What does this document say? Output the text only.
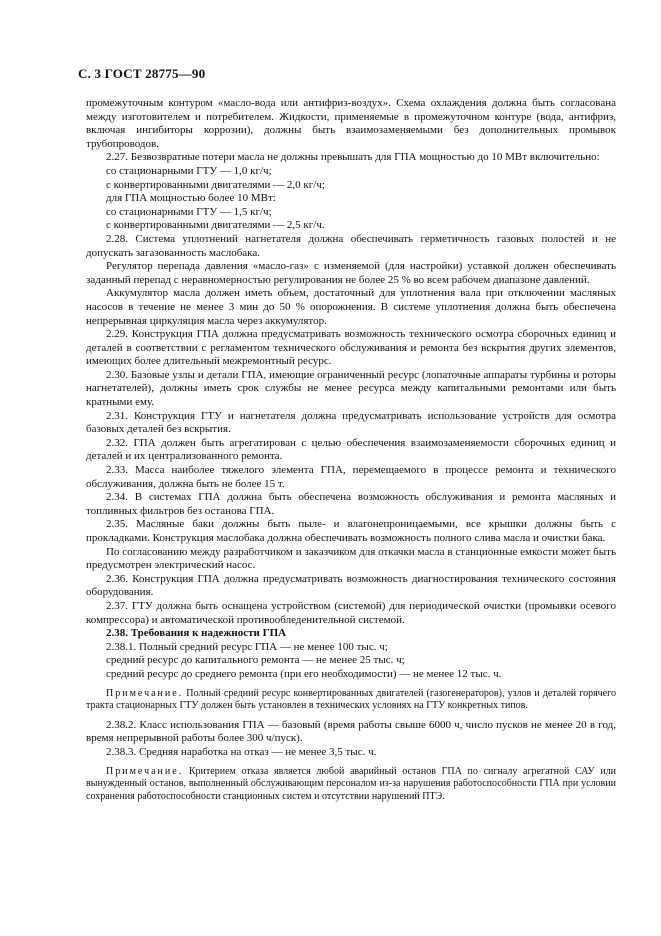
С. 3 ГОСТ 28775—90

промежуточным контуром «масло-вода или антифриз-воздух». Схема охлаждения должна быть согласована между изготовителем и потребителем. Жидкости, применяемые в промежуточном контуре (вода, антифриз, включая ингибиторы коррозии), должны быть взаимозаменяемыми без дополнительных промывок трубопроводов.

2.27. Безвозвратные потери масла не должны превышать для ГПА мощностью до 10 МВт включительно:

со стационарными ГТУ — 1,0 кг/ч;

с конвертированными двигателями — 2,0 кг/ч;

для ГПА мощностью более 10 МВт:

со стационарными ГТУ — 1,5 кг/ч;

с конвертированными двигателями — 2,5 кг/ч.

2.28. Система уплотнений нагнетателя должна обеспечивать герметичность газовых полостей и не допускать загазованность маслобака.

Регулятор перепада давления «масло-газ» с изменяемой (для настройки) уставкой должен обеспечивать заданный перепад с неравномерностью регулирования не более 25 % во всем рабочем диапазоне давлений.

Аккумулятор масла должен иметь объем, достаточный для уплотнения вала при отключении масляных насосов в течение не менее 3 мин до 50 % опорожнения. В системе уплотнения должна быть обеспечена непрерывная циркуляция масла через аккумулятор.

2.29. Конструкция ГПА должна предусматривать возможность технического осмотра сборочных единиц и деталей в соответствии с регламентом технического обслуживания и ремонта без вскрытия других элементов, имеющих более длительный межремонтный ресурс.

2.30. Базовые узлы и детали ГПА, имеющие ограниченный ресурс (лопаточные аппараты турбины и роторы нагнетателей), должны иметь срок службы не менее ресурса между капитальными ремонтами или быть кратными ему.

2.31. Конструкция ГТУ и нагнетателя должна предусматривать использование устройств для осмотра базовых деталей без вскрытия.

2.32. ГПА должен быть агрегатирован с целью обеспечения взаимозаменяемости сборочных единиц и деталей и их централизованного ремонта.

2.33. Масса наиболее тяжелого элемента ГПА, перемещаемого в процессе ремонта и технического обслуживания, должна быть не более 15 т.

2.34. В системах ГПА должна быть обеспечена возможность обслуживания и ремонта масляных и топливных фильтров без останова ГПА.

2.35. Масляные баки должны быть пыле- и влагонепроницаемыми, все крышки должны быть с прокладками. Конструкция маслобака должна обеспечивать возможность полного слива масла и очистки бака.

По согласованию между разработчиком и заказчиком для откачки масла в станционные емкости может быть предусмотрен электрический насос.

2.36. Конструкция ГПА должна предусматривать возможность диагностирования технического состояния оборудования.

2.37. ГТУ должна быть оснащена устройством (системой) для периодической очистки (промывки осевого компрессора) и автоматической противообледенительной системой.

2.38. Требования к надежности ГПА

2.38.1. Полный средний ресурс ГПА — не менее 100 тыс. ч;

средний ресурс до капитального ремонта — не менее 25 тыс. ч;

средний ресурс до среднего ремонта (при его необходимости) — не менее 12 тыс. ч.

Примечание. Полный средний ресурс конвертированных двигателей (газогенераторов), узлов и деталей горячего тракта стационарных ГТУ должен быть установлен в технических условиях на ГТУ конкретных типов.

2.38.2. Класс использования ГПА — базовый (время работы свыше 6000 ч, число пусков не менее 20 в год, время непрерывной работы более 300 ч/пуск).

2.38.3. Средняя наработка на отказ — не менее 3,5 тыс. ч.

Примечание. Критерием отказа является любой аварийный останов ГПА по сигналу агрегатной САУ или вынужденный останов, выполненный обслуживающим персоналом из-за нарушения работоспособности ГПА при условии сохранения работоспособности станционных систем и отсутствии нарушений ПТЭ.
